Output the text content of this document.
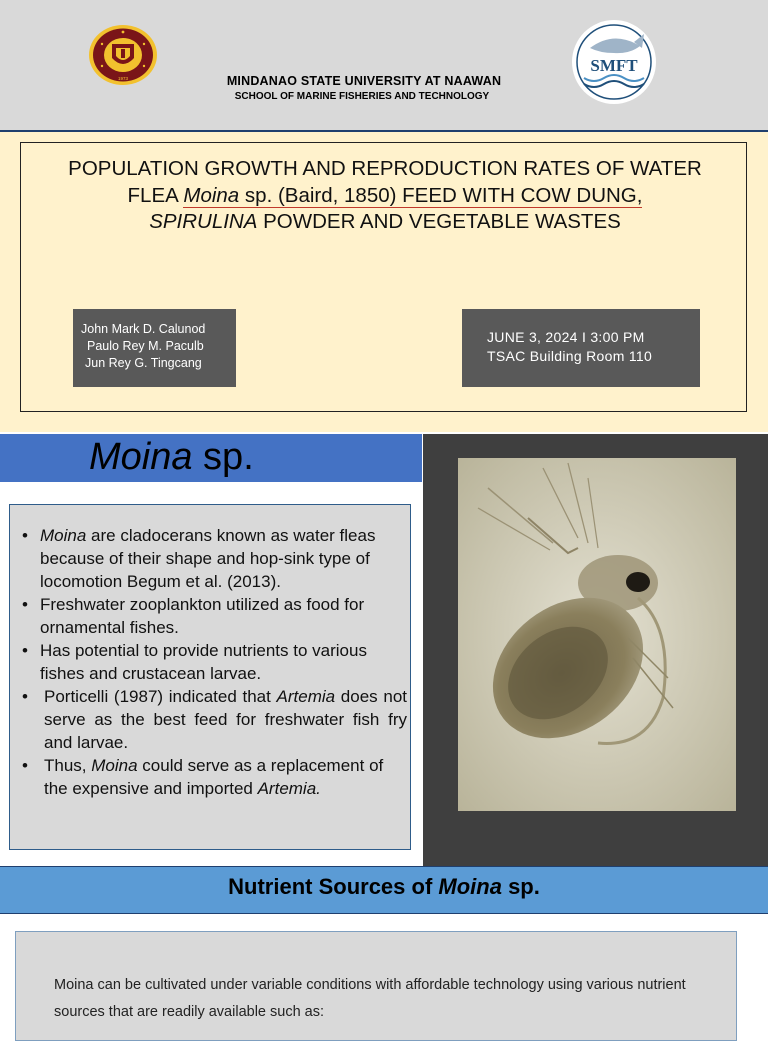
1973
SMFT
MINDANAO STATE UNIVERSITY AT NAAWAN
SCHOOL OF MARINE FISHERIES AND TECHNOLOGY
POPULATION GROWTH AND REPRODUCTION RATES OF WATER
FLEA Moina sp. (Baird, 1850) FEED WITH COW DUNG,
SPIRULINA POWDER AND VEGETABLE WASTES
John Mark D. Calunod
Paulo Rey M. Paculb
Jun Rey G. Tingcang
JUNE 3, 2024 I 3:00 PM
TSAC Building Room 110
Moina sp.
• Moina are cladocerans known as water fleas because of their shape and hop-sink type of locomotion Begum et al. (2013).
• Freshwater zooplankton utilized as food for ornamental fishes.
• Has potential to provide nutrients to various fishes and crustacean larvae.
• Porticelli (1987) indicated that Artemia does not serve as the best feed for freshwater fish fry and larvae.
• Thus, Moina could serve as a replacement of the expensive and imported Artemia.
Nutrient Sources of Moina sp.
Moina can be cultivated under variable conditions with affordable technology using various nutrient sources that are readily available such as:
